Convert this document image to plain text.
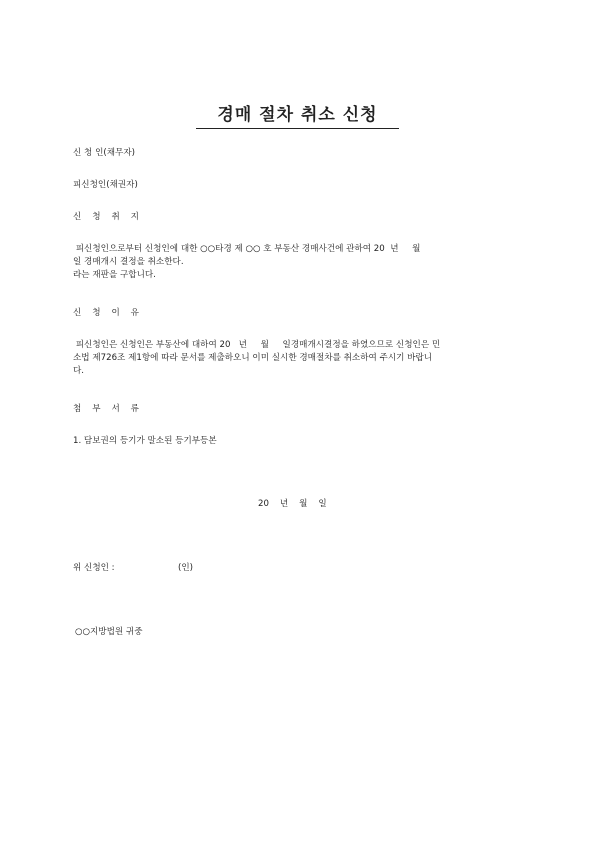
경매 절차 취소 신청
신 청 인(채무자)
피신청인(채권자)
신    청    취    지
피신청인으로부터 신청인에 대한 ○○타경 제 ○○ 호 부동산 경매사건에 관하여 20  년     월
일 경매개시 결정을 취소한다.
라는 재판을 구합니다.
신    청    이    유
피신청인은 신청인은 부동산에 대하여 20   년     월     일경매개시결정을 하였으므로 신청인은 민
소법 제726조 제1항에 따라 문서를 제출하오니 이미 실시한 경매절차를 취소하여 주시기 바랍니
다.
첨    부    서    류
1. 담보권의 등기가 말소된 등기부등본
20    년    월    일
위 신청인 :	(인)
○○지방법원 귀중
